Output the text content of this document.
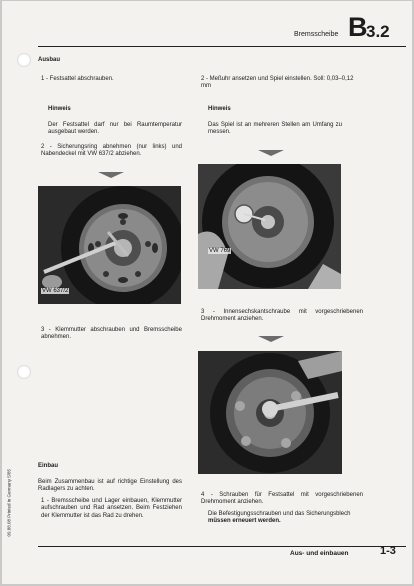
Bremsscheibe B
3.2
Ausbau
1 - Festsattel abschrauben.
Hinweis
Der Festsattel darf nur bei Raumtemperatur ausgebaut werden.
2 - Sicherungsring abnehmen (nur links) und Nabendeckel mit VW 637/2 abziehen.
VW 637/2
3 - Klemmutter abschrauben und Bremsscheibe abnehmen.
Einbau
Beim Zusammenbau ist auf richtige Einstellung des Radlagers zu achten.
1 - Bremsscheibe und Lager einbauen, Klemmutter aufschrauben und Rad ansetzen. Beim Festziehen der Klemmutter ist das Rad zu drehen.
2 - Meßuhr ansetzen und Spiel einstellen. Soll: 0,03–0,12 mm
Hinweis
Das Spiel ist an mehreren Stellen am Umfang zu messen.
VW 769
3 - Innensechskantschraube mit vorgeschriebenen Drehmoment anziehen.
4 - Schrauben für Festsattel mit vorgeschriebenen Drehmoment anziehen.
Die Befestigungsschrauben und das Sicherungsblech müssen erneuert werden.
09.88.08 Printed in Germany 5/85
Aus- und einbauen	1-3
